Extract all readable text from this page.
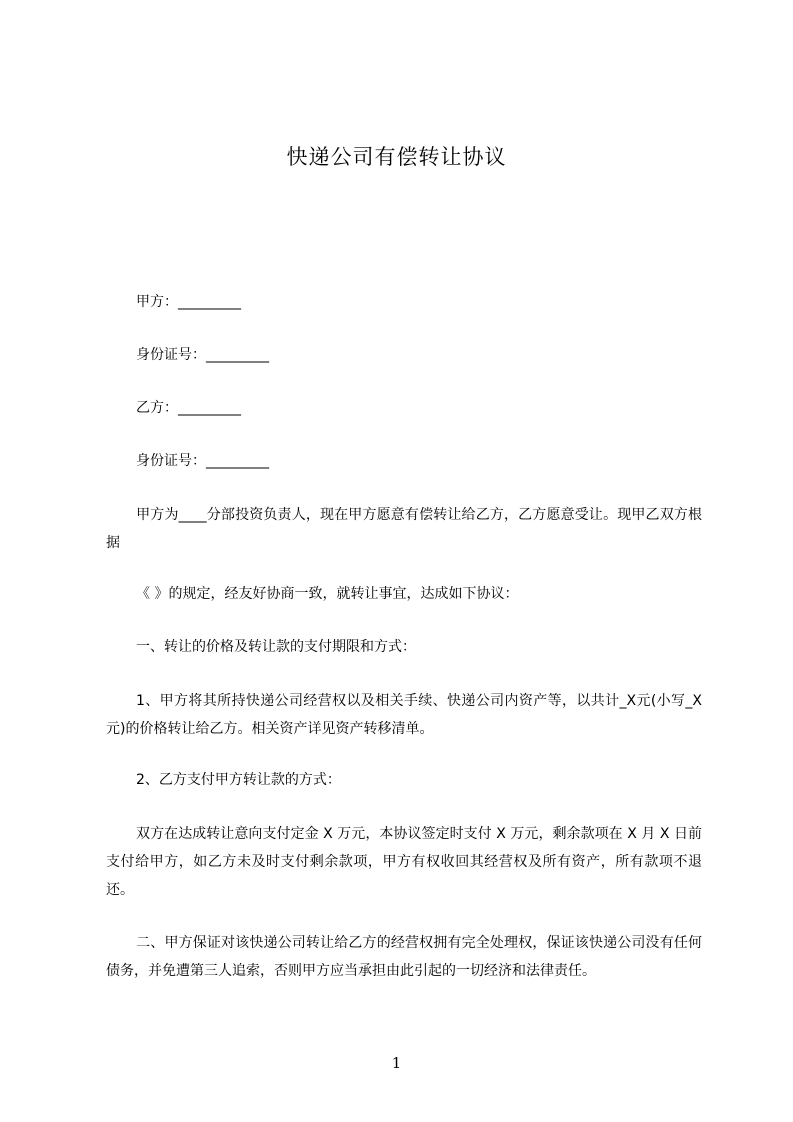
快递公司有偿转让协议
甲方：_________
身份证号：_________
乙方：_________
身份证号：_________
甲方为____分部投资负责人，现在甲方愿意有偿转让给乙方，乙方愿意受让。现甲乙双方根据
《 》的规定，经友好协商一致，就转让事宜，达成如下协议：
一、转让的价格及转让款的支付期限和方式：
1、甲方将其所持快递公司经营权以及相关手续、快递公司内资产等，以共计_X元(小写_X元)的价格转让给乙方。相关资产详见资产转移清单。
2、乙方支付甲方转让款的方式：
双方在达成转让意向支付定金 X 万元，本协议签定时支付 X 万元，剩余款项在 X 月 X 日前支付给甲方，如乙方未及时支付剩余款项，甲方有权收回其经营权及所有资产，所有款项不退还。
二、甲方保证对该快递公司转让给乙方的经营权拥有完全处理权，保证该快递公司没有任何债务，并免遭第三人追索，否则甲方应当承担由此引起的一切经济和法律责任。
1
